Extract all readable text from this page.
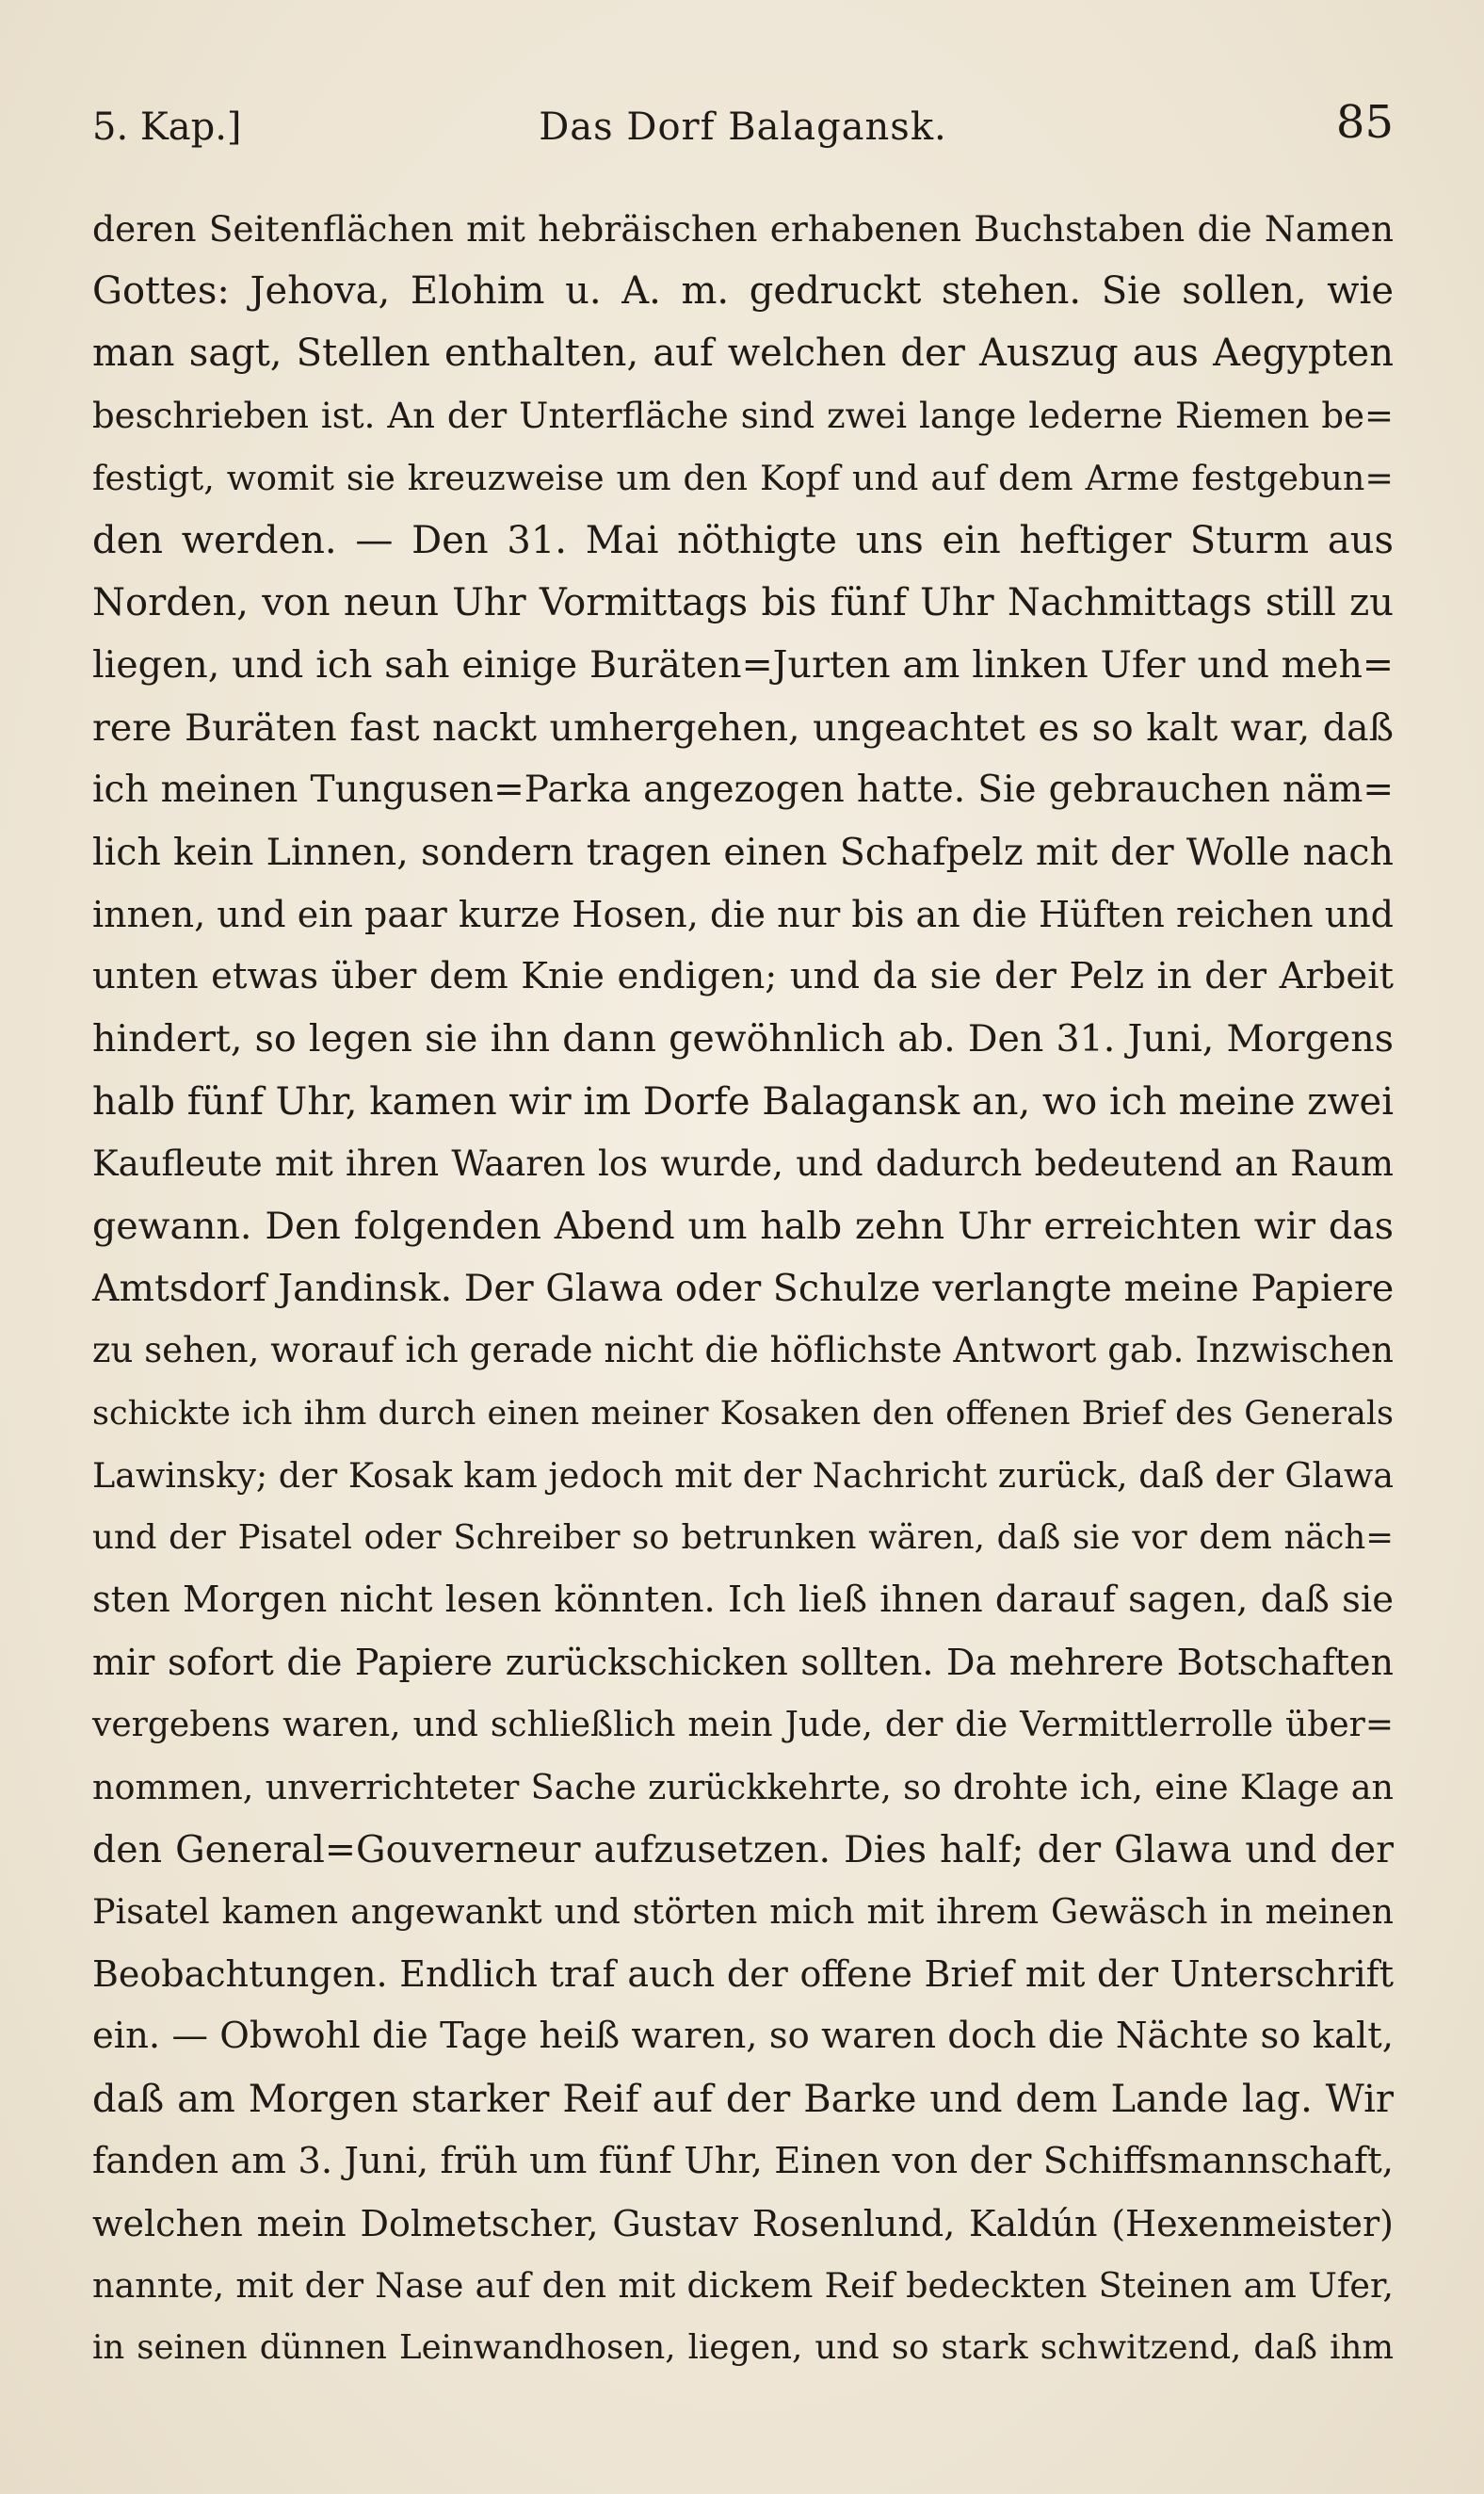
5. Kap.]	Das Dorf Balagansk.	85
deren Seitenflächen mit hebräischen erhabenen Buchstaben die Namen
Gottes: Jehova, Elohim u. A. m. gedruckt stehen. Sie sollen, wie
man sagt, Stellen enthalten, auf welchen der Auszug aus Aegypten
beschrieben ist. An der Unterfläche sind zwei lange lederne Riemen be=
festigt, womit sie kreuzweise um den Kopf und auf dem Arme festgebun=
den werden. — Den 31. Mai nöthigte uns ein heftiger Sturm aus
Norden, von neun Uhr Vormittags bis fünf Uhr Nachmittags still zu
liegen, und ich sah einige Buräten=Jurten am linken Ufer und meh=
rere Buräten fast nackt umhergehen, ungeachtet es so kalt war, daß
ich meinen Tungusen=Parka angezogen hatte. Sie gebrauchen näm=
lich kein Linnen, sondern tragen einen Schafpelz mit der Wolle nach
innen, und ein paar kurze Hosen, die nur bis an die Hüften reichen und
unten etwas über dem Knie endigen; und da sie der Pelz in der Arbeit
hindert, so legen sie ihn dann gewöhnlich ab. Den 31. Juni, Morgens
halb fünf Uhr, kamen wir im Dorfe Balagansk an, wo ich meine zwei
Kaufleute mit ihren Waaren los wurde, und dadurch bedeutend an Raum
gewann. Den folgenden Abend um halb zehn Uhr erreichten wir das
Amtsdorf Jandinsk. Der Glawa oder Schulze verlangte meine Papiere
zu sehen, worauf ich gerade nicht die höflichste Antwort gab. Inzwischen
schickte ich ihm durch einen meiner Kosaken den offenen Brief des Generals
Lawinsky; der Kosak kam jedoch mit der Nachricht zurück, daß der Glawa
und der Pisatel oder Schreiber so betrunken wären, daß sie vor dem näch=
sten Morgen nicht lesen könnten. Ich ließ ihnen darauf sagen, daß sie
mir sofort die Papiere zurückschicken sollten. Da mehrere Botschaften
vergebens waren, und schließlich mein Jude, der die Vermittlerrolle über=
nommen, unverrichteter Sache zurückkehrte, so drohte ich, eine Klage an
den General=Gouverneur aufzusetzen. Dies half; der Glawa und der
Pisatel kamen angewankt und störten mich mit ihrem Gewäsch in meinen
Beobachtungen. Endlich traf auch der offene Brief mit der Unterschrift
ein. — Obwohl die Tage heiß waren, so waren doch die Nächte so kalt,
daß am Morgen starker Reif auf der Barke und dem Lande lag. Wir
fanden am 3. Juni, früh um fünf Uhr, Einen von der Schiffsmannschaft,
welchen mein Dolmetscher, Gustav Rosenlund, Kaldún (Hexenmeister)
nannte, mit der Nase auf den mit dickem Reif bedeckten Steinen am Ufer,
in seinen dünnen Leinwandhosen, liegen, und so stark schwitzend, daß ihm
